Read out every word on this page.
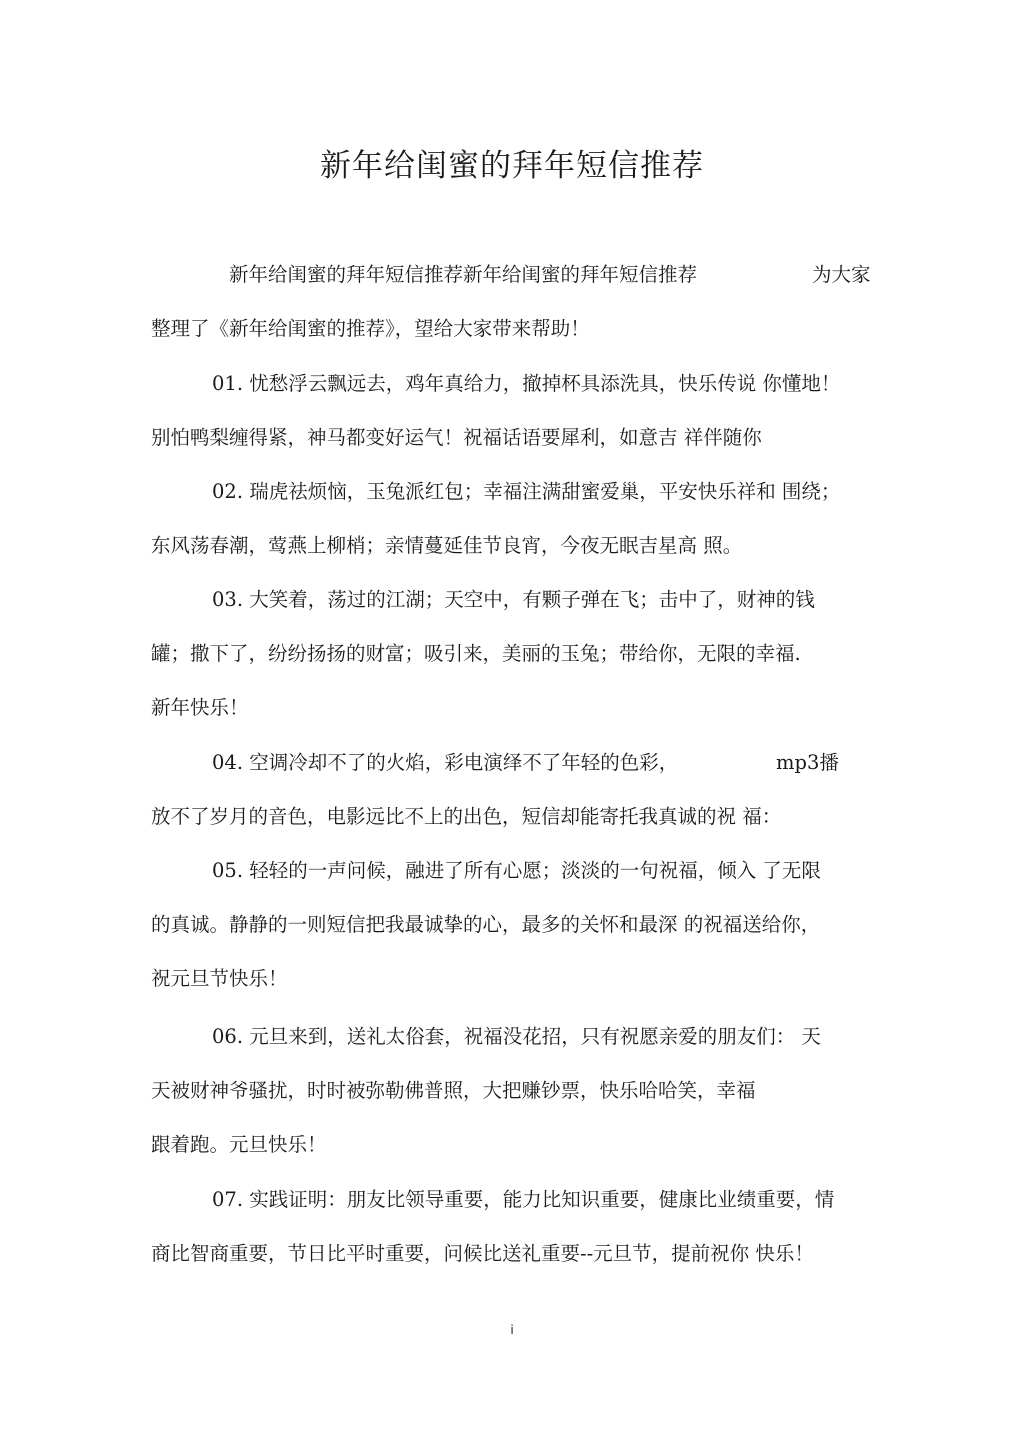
新年给闺蜜的拜年短信推荐

新年给闺蜜的拜年短信推荐新年给闺蜜的拜年短信推荐	为大家

整理了《新年给闺蜜的推荐》，望给大家带来帮助！

01. 忧愁浮云飘远去，鸡年真给力，撤掉杯具添洗具，快乐传说 你懂地！

别怕鸭梨缠得紧，神马都变好运气！祝福话语要犀利，如意吉 祥伴随你

02. 瑞虎祛烦恼，玉兔派红包；幸福注满甜蜜爱巢，平安快乐祥和 围绕；

东风荡春潮，莺燕上柳梢；亲情蔓延佳节良宵，今夜无眠吉星高 照。

03. 大笑着，荡过的江湖；天空中，有颗子弹在飞；击中了，财神的钱

罐；撒下了，纷纷扬扬的财富；吸引来，美丽的玉兔；带给你，无限的幸福.

新年快乐！

04. 空调冷却不了的火焰，彩电演绎不了年轻的色彩，	mp3播

放不了岁月的音色，电影远比不上的出色，短信却能寄托我真诚的祝 福：

05. 轻轻的一声问候，融进了所有心愿；淡淡的一句祝福，倾入 了无限

的真诚。静静的一则短信把我最诚挚的心，最多的关怀和最深 的祝福送给你，

祝元旦节快乐！

06. 元旦来到，送礼太俗套，祝福没花招，只有祝愿亲爱的朋友们： 天

天被财神爷骚扰，时时被弥勒佛普照，大把赚钞票，快乐哈哈笑，幸福

跟着跑。元旦快乐！

07. 实践证明：朋友比领导重要，能力比知识重要，健康比业绩重要，情

商比智商重要，节日比平时重要，问候比送礼重要--元旦节，提前祝你 快乐！

i
